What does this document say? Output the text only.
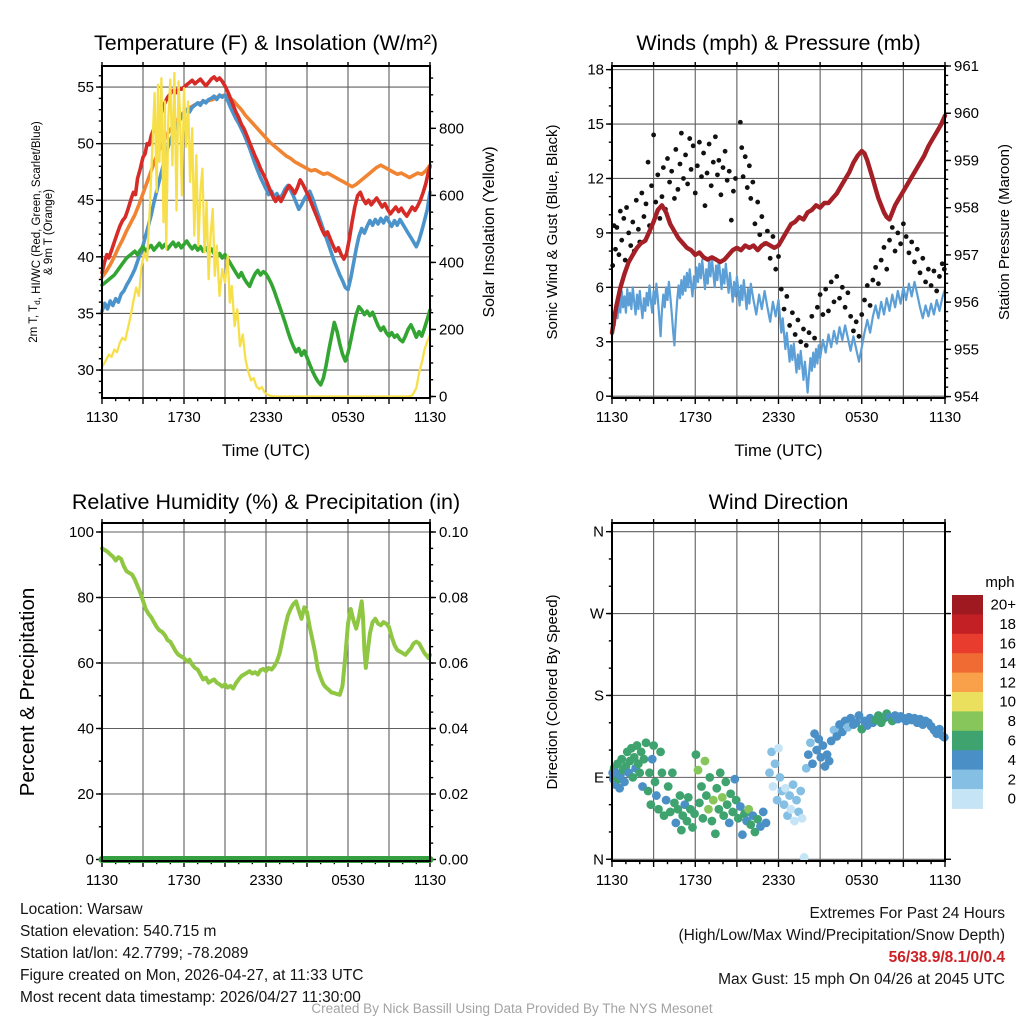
Temperature (F) & Insolation (W/m²)
Time (UTC)
1130	1730	2330	0530	1130
30
35
40
45
50
55
0
200
400
600
800
2m T, $T_d$, HI/WC (Red, Green, Scarlet/Blue) & 9m T (Orange)	Solar Insolation (Yellow)
Winds (mph) & Pressure (mb)
Time (UTC)
1130	1730	2330	0530	1130
0
3
6
9
12
15
18
954
955
956
957
958
959
960
961
Sonic Wind & Gust (Blue, Black)	Station Pressure (Maroon)
Relative Humidity (%) & Precipitation (in)
1130	1730	2330	0530	1130
0
20
40
60
80
100
0.00
0.02
0.04
0.06
0.08
0.10
Percent & Precipitation
Wind Direction
1130	1730	2330	0530	1130
N
E
S
W
N
Direction (Colored By Speed)
mph
20+
18
16
14
12
10
8
6
4
2
0
Location: Warsaw
Station elevation: 540.715 m
Station lat/lon: 42.7799; -78.2089
Figure created on Mon, 2026-04-27, at 11:33 UTC
Most recent data timestamp: 2026/04/27 11:30:00
Extremes For Past 24 Hours
(High/Low/Max Wind/Precipitation/Snow Depth)
56/38.9/8.1/0/0.4
Max Gust: 15 mph On 04/26 at 2045 UTC
Created By Nick Bassill Using Data Provided By The NYS Mesonet
